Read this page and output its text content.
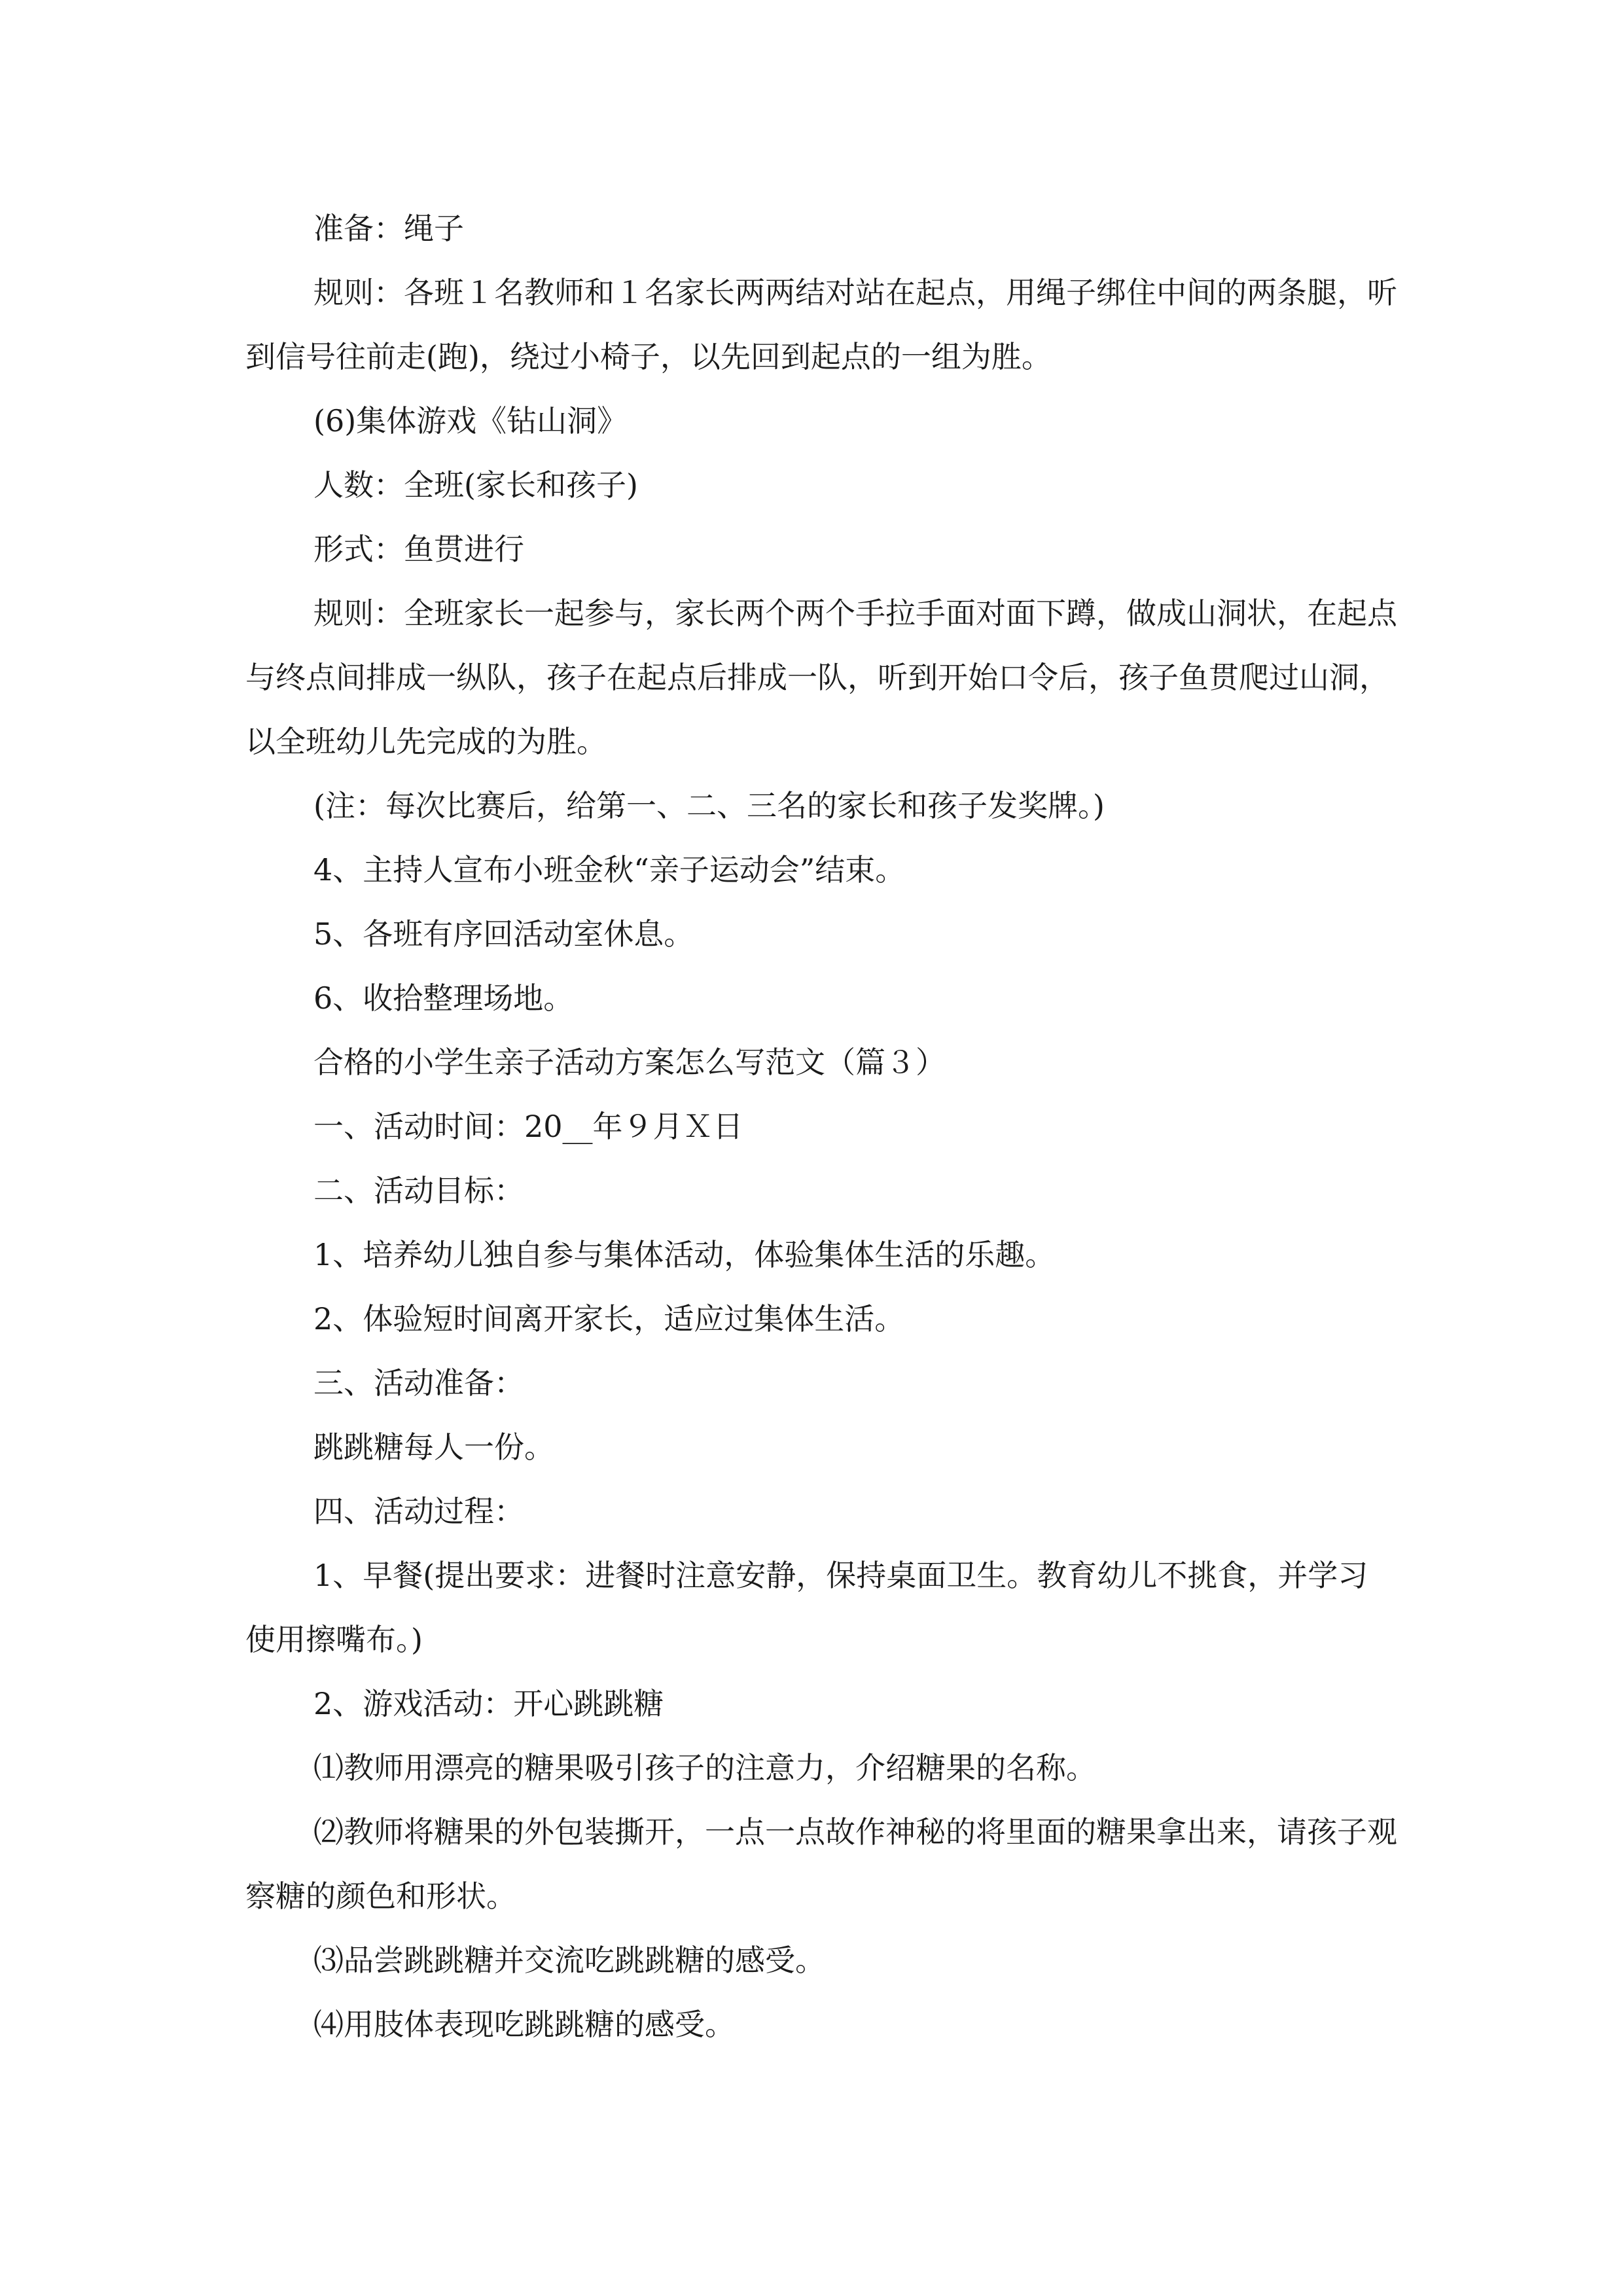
准备：绳子

规则：各班１名教师和１名家长两两结对站在起点，用绳子绑住中间的两条腿，听到信号往前走(跑)，绕过小椅子，以先回到起点的一组为胜。

(6)集体游戏《钻山洞》

人数：全班(家长和孩子)

形式：鱼贯进行

规则：全班家长一起参与，家长两个两个手拉手面对面下蹲，做成山洞状，在起点与终点间排成一纵队，孩子在起点后排成一队，听到开始口令后，孩子鱼贯爬过山洞，以全班幼儿先完成的为胜。

(注：每次比赛后，给第一、二、三名的家长和孩子发奖牌。)

4、主持人宣布小班金秋“亲子运动会”结束。

5、各班有序回活动室休息。

6、收拾整理场地。

合格的小学生亲子活动方案怎么写范文（篇３）

一、活动时间：20__年９月Ｘ日

二、活动目标：

1、培养幼儿独自参与集体活动，体验集体生活的乐趣。

2、体验短时间离开家长，适应过集体生活。

三、活动准备：

跳跳糖每人一份。

四、活动过程：

1、早餐(提出要求：进餐时注意安静，保持桌面卫生。教育幼儿不挑食，并学习使用擦嘴布。)

2、游戏活动：开心跳跳糖

⑴教师用漂亮的糖果吸引孩子的注意力，介绍糖果的名称。

⑵教师将糖果的外包装撕开，一点一点故作神秘的将里面的糖果拿出来，请孩子观察糖的颜色和形状。

⑶品尝跳跳糖并交流吃跳跳糖的感受。

⑷用肢体表现吃跳跳糖的感受。
